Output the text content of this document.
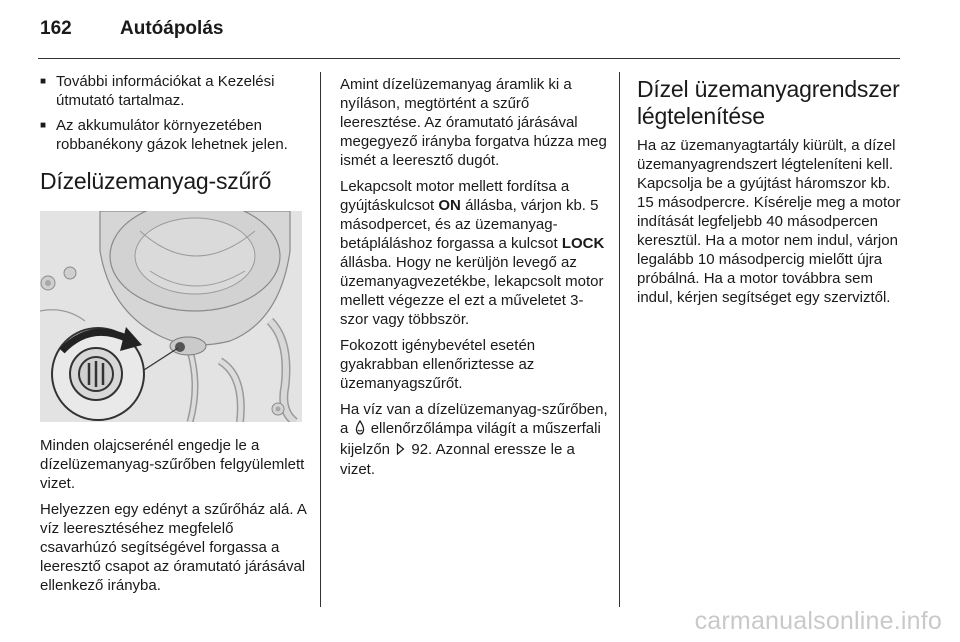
162	Autóápolás
■ További információkat a Kezelési útmutató tartalmaz.
■ Az akkumulátor környezetében robbanékony gázok lehetnek jelen.
Dízelüzemanyag-szűrő

Minden olajcserénél engedje le a dízelüzemanyag-szűrőben felgyülemlett vizet.

Helyezzen egy edényt a szűrőház alá. A víz leeresztéséhez megfelelő csavarhúzó segítségével forgassa a leeresztő csapot az óramutató járásával ellenkező irányba.

Amint dízelüzemanyag áramlik ki a nyíláson, megtörtént a szűrő leeresztése. Az óramutató járásával megegyező irányba forgatva húzza meg ismét a leeresztő dugót.

Lekapcsolt motor mellett fordítsa a gyújtáskulcsot ON állásba, várjon kb. 5 másodpercet, és az üzemanyag-betápláláshoz forgassa a kulcsot LOCK állásba. Hogy ne kerüljön levegő az üzemanyagvezetékbe, lekapcsolt motor mellett végezze el ezt a műveletet 3-szor vagy többször.

Fokozott igénybevétel esetén gyakrabban ellenőriztesse az üzemanyagszűrőt.

Ha víz van a dízelüzemanyag-szűrőben, a ellenőrzőlámpa világít a műszerfali kijelzőn 92. Azonnal eressze le a vizet.

Dízel üzemanyagrendszer légtelenítése

Ha az üzemanyagtartály kiürült, a dízel üzemanyagrendszert légteleníteni kell. Kapcsolja be a gyújtást háromszor kb. 15 másodpercre. Kísérelje meg a motor indítását legfeljebb 40 másodpercen keresztül. Ha a motor nem indul, várjon legalább 10 másodpercig mielőtt újra próbálná. Ha a motor továbbra sem indul, kérjen segítséget egy szerviztől.

carmanualsonline.info
